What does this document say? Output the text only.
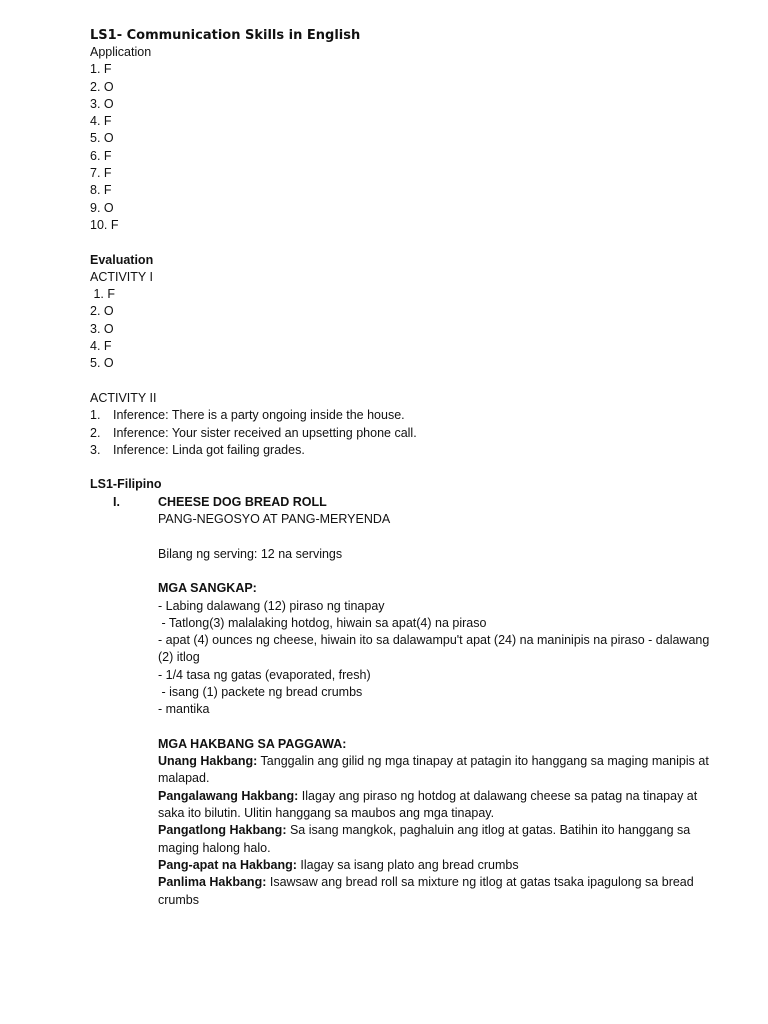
LS1- Communication Skills in English
Application
1. F
2. O
3. O
4. F
5. O
6. F
7. F
8. F
9. O
10. F
Evaluation
ACTIVITY I
1. F
2. O
3. O
4. F
5. O
ACTIVITY II
1. Inference: There is a party ongoing inside the house.
2. Inference: Your sister received an upsetting phone call.
3. Inference: Linda got failing grades.
LS1-Filipino
I.	CHEESE DOG BREAD ROLL
PANG-NEGOSYO AT PANG-MERYENDA
Bilang ng serving: 12 na servings
MGA SANGKAP:
- Labing dalawang (12) piraso ng tinapay
- Tatlong(3) malalaking hotdog, hiwain sa apat(4) na piraso
- apat (4) ounces ng cheese, hiwain ito sa dalawampu't apat (24) na maninipis na piraso - dalawang (2) itlog
- 1/4 tasa ng gatas (evaporated, fresh)
- isang (1) packete ng bread crumbs
- mantika
MGA HAKBANG SA PAGGAWA:
Unang Hakbang: Tanggalin ang gilid ng mga tinapay at patagin ito hanggang sa maging manipis at malapad.
Pangalawang Hakbang: Ilagay ang piraso ng hotdog at dalawang cheese sa patag na tinapay at saka ito bilutin. Ulitin hanggang sa maubos ang mga tinapay.
Pangatlong Hakbang: Sa isang mangkok, paghaluin ang itlog at gatas. Batihin ito hanggang sa maging halong halo.
Pang-apat na Hakbang: Ilagay sa isang plato ang bread crumbs
Panlima Hakbang: Isawsaw ang bread roll sa mixture ng itlog at gatas tsaka ipagulong sa bread crumbs
